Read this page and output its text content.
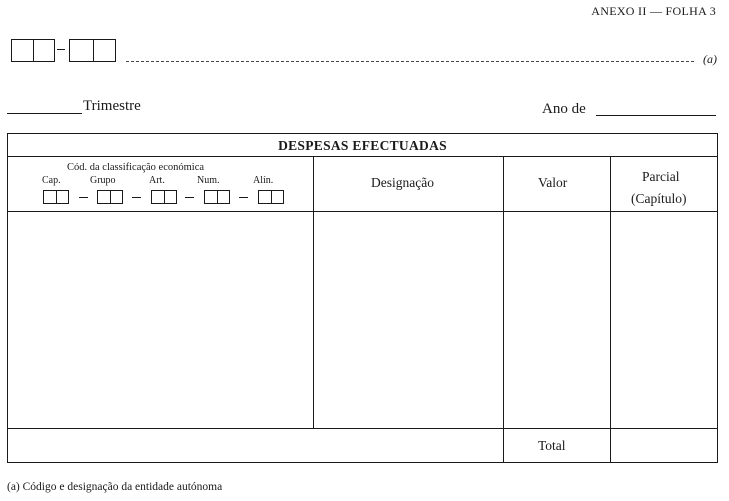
ANEXO II — FOLHA 3
(a)
Trimestre	Ano de
DESPESAS EFECTUADAS
Cód. da classificação económica
Cap.	Grupo	Art.	Num.	Alín.	Designação	Valor	Parcial
(Capítulo)
Total
(a) Código e designação da entidade autónoma
